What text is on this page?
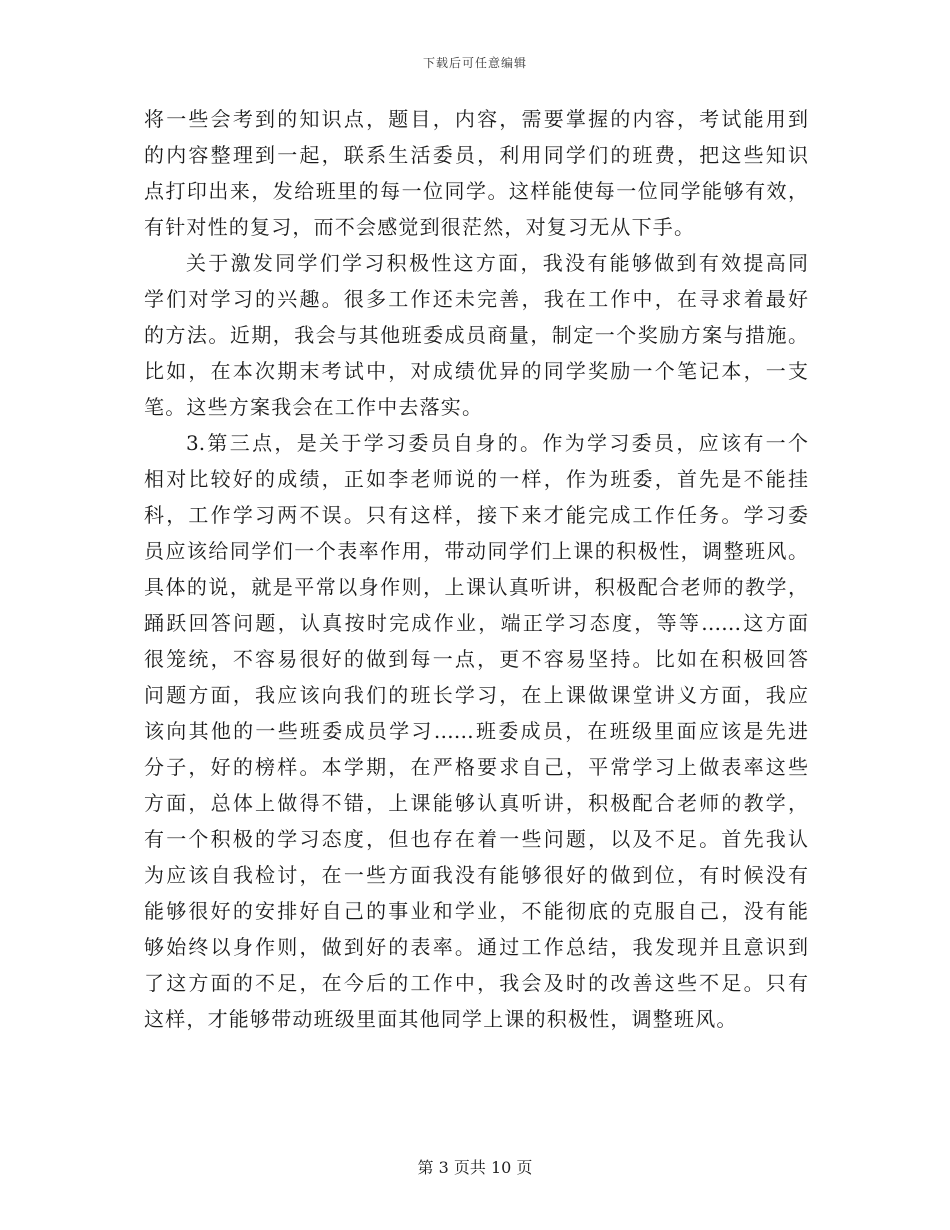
下载后可任意编辑
将一些会考到的知识点，题目，内容，需要掌握的内容，考试能用到
的内容整理到一起，联系生活委员，利用同学们的班费，把这些知识
点打印出来，发给班里的每一位同学。这样能使每一位同学能够有效，
有针对性的复习，而不会感觉到很茫然，对复习无从下手。
关于激发同学们学习积极性这方面，我没有能够做到有效提高同
学们对学习的兴趣。很多工作还未完善，我在工作中，在寻求着最好
的方法。近期，我会与其他班委成员商量，制定一个奖励方案与措施。
比如，在本次期末考试中，对成绩优异的同学奖励一个笔记本，一支
笔。这些方案我会在工作中去落实。
3.第三点，是关于学习委员自身的。作为学习委员，应该有一个
相对比较好的成绩，正如李老师说的一样，作为班委，首先是不能挂
科，工作学习两不误。只有这样，接下来才能完成工作任务。学习委
员应该给同学们一个表率作用，带动同学们上课的积极性，调整班风。
具体的说，就是平常以身作则，上课认真听讲，积极配合老师的教学，
踊跃回答问题，认真按时完成作业，端正学习态度，等等……这方面
很笼统，不容易很好的做到每一点，更不容易坚持。比如在积极回答
问题方面，我应该向我们的班长学习，在上课做课堂讲义方面，我应
该向其他的一些班委成员学习……班委成员，在班级里面应该是先进
分子，好的榜样。本学期，在严格要求自己，平常学习上做表率这些
方面，总体上做得不错，上课能够认真听讲，积极配合老师的教学，
有一个积极的学习态度，但也存在着一些问题，以及不足。首先我认
为应该自我检讨，在一些方面我没有能够很好的做到位，有时候没有
能够很好的安排好自己的事业和学业，不能彻底的克服自己，没有能
够始终以身作则，做到好的表率。通过工作总结，我发现并且意识到
了这方面的不足，在今后的工作中，我会及时的改善这些不足。只有
这样，才能够带动班级里面其他同学上课的积极性，调整班风。
第 3 页共 10 页
